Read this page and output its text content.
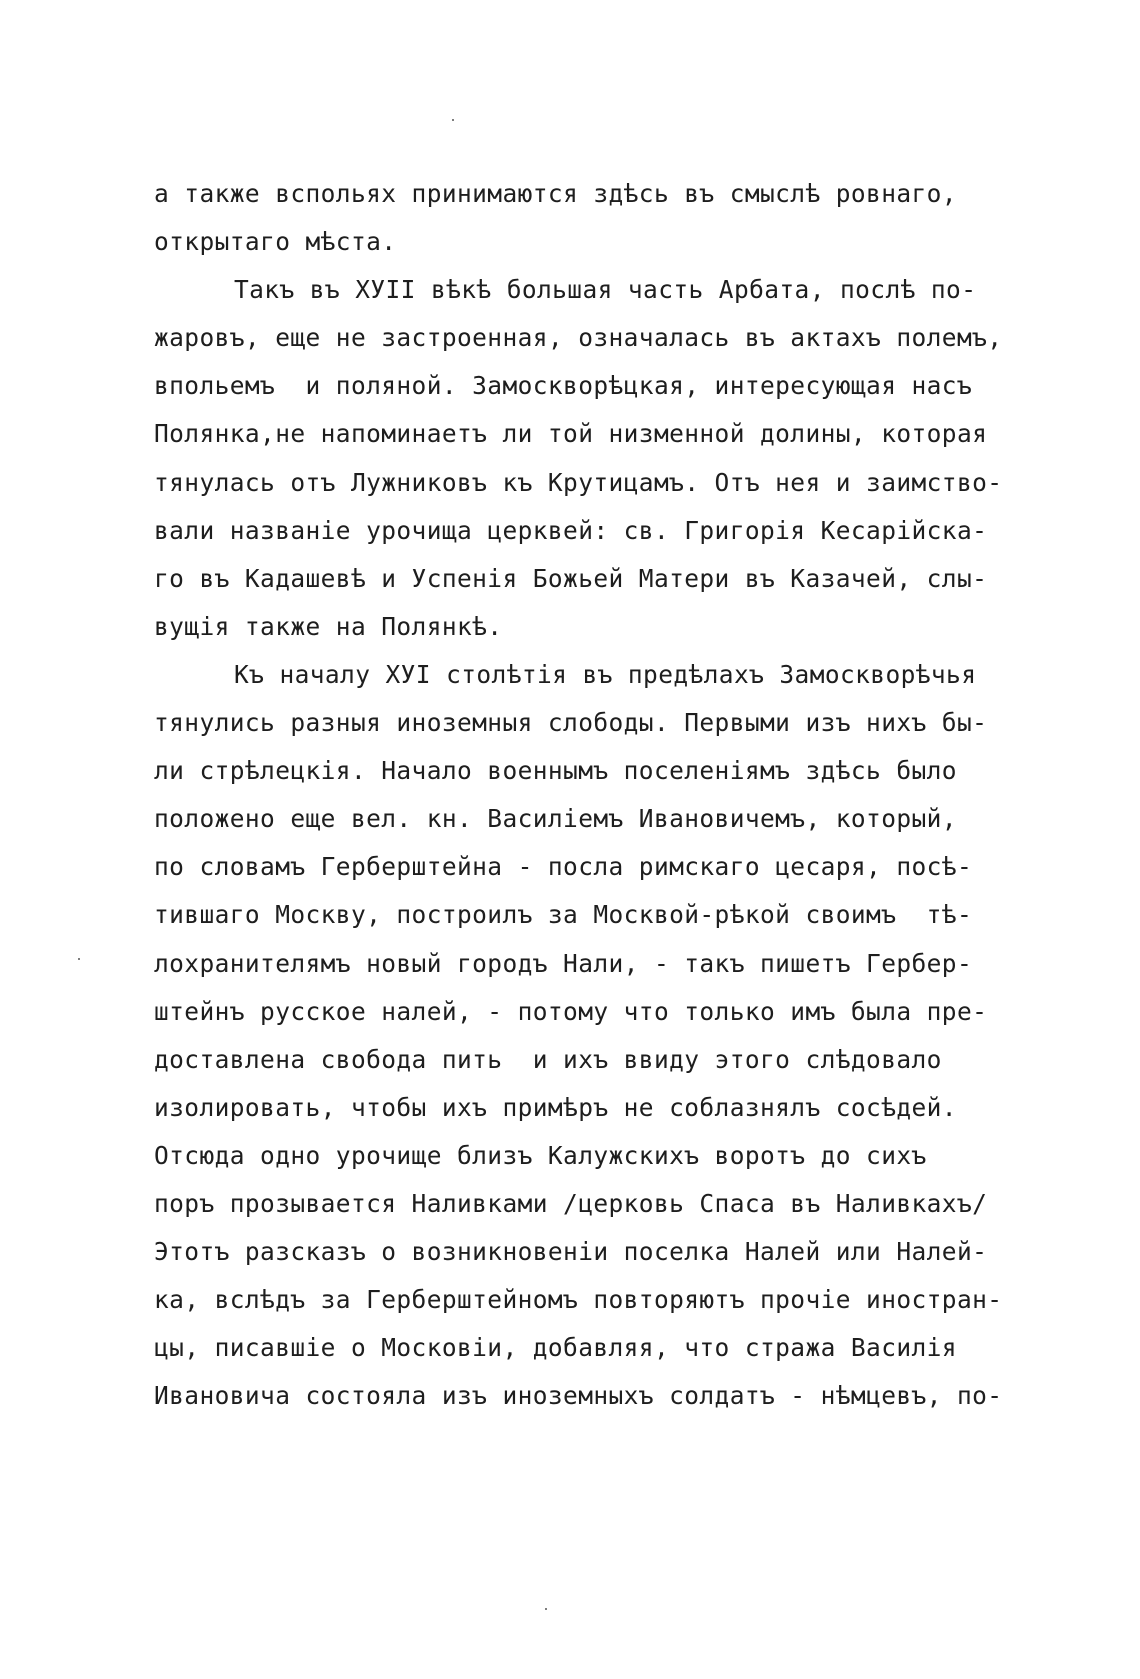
а также вспольях принимаются здѣсь въ смыслѣ ровнаго,
открытаго мѣста.
Такъ въ ХУІІ вѣкѣ большая часть Арбата, послѣ по-
жаровъ, еще не застроенная, означалась въ актахъ полемъ,
впольемъ  и поляной. Замоскворѣцкая, интересующая насъ
Полянка,не напоминаетъ ли той низменной долины, которая
тянулась отъ Лужниковъ къ Крутицамъ. Отъ нея и заимство-
вали названіе урочища церквей: св. Григорія Кесарійска-
го въ Кадашевѣ и Успенія Божьей Матери въ Казачей, слы-
вущія также на Полянкѣ.
Къ началу ХУІ столѣтія въ предѣлахъ Замоскворѣчья
тянулись разныя иноземныя слободы. Первыми изъ нихъ бы-
ли стрѣлецкія. Начало военнымъ поселеніямъ здѣсь было
положено еще вел. кн. Василіемъ Ивановичемъ, который,
по словамъ Герберштейна - посла римскаго цесаря, посѣ-
тившаго Москву, построилъ за Москвой-рѣкой своимъ  тѣ-
лохранителямъ новый городъ Нали, - такъ пишетъ Гербер-
штейнъ русское налей, - потому что только имъ была пре-
доставлена свобода пить  и ихъ ввиду этого слѣдовало
изолировать, чтобы ихъ примѣръ не соблазнялъ сосѣдей.
Отсюда одно урочище близъ Калужскихъ воротъ до сихъ
поръ прозывается Наливками /церковь Спаса въ Наливкахъ/
Этотъ разсказъ о возникновеніи поселка Налей или Налей-
ка, вслѣдъ за Герберштейномъ повторяютъ прочіе иностран-
цы, писавшіе о Московіи, добавляя, что стража Василія
Ивановича состояла изъ иноземныхъ солдатъ - нѣмцевъ, по-
